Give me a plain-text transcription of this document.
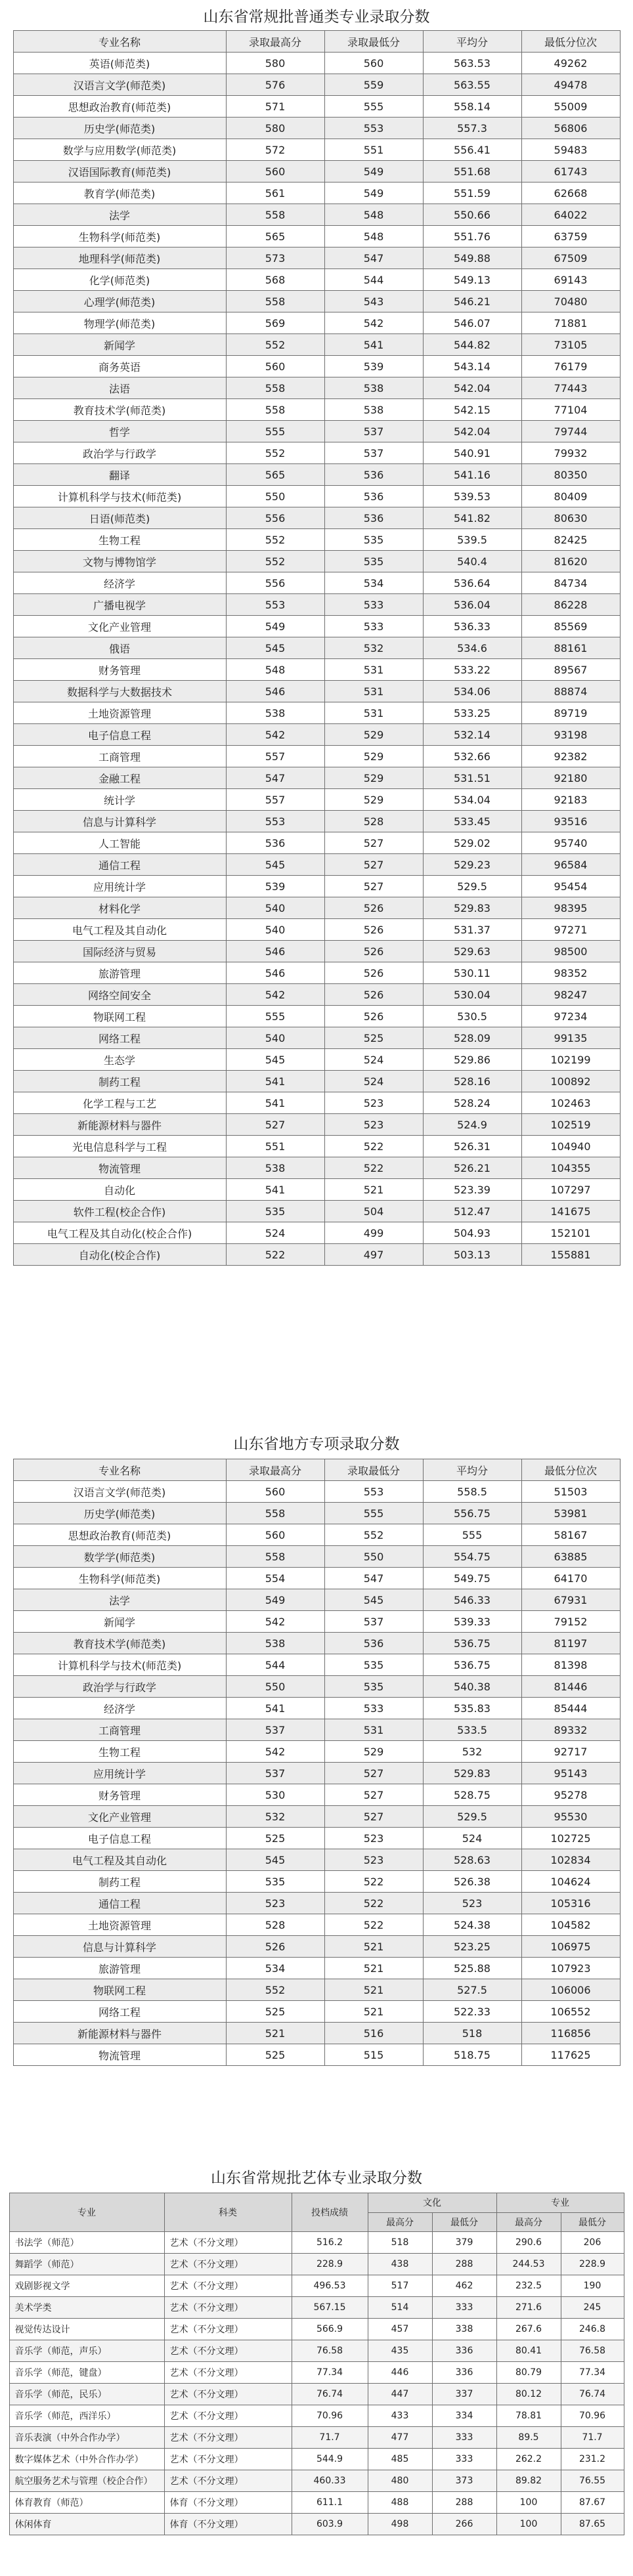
山东省常规批普通类专业录取分数
专业名称	录取最高分	录取最低分	平均分	最低分位次
英语(师范类)	580	560	563.53	49262
汉语言文学(师范类)	576	559	563.55	49478
思想政治教育(师范类)	571	555	558.14	55009
历史学(师范类)	580	553	557.3	56806
数学与应用数学(师范类)	572	551	556.41	59483
汉语国际教育(师范类)	560	549	551.68	61743
教育学(师范类)	561	549	551.59	62668
法学	558	548	550.66	64022
生物科学(师范类)	565	548	551.76	63759
地理科学(师范类)	573	547	549.88	67509
化学(师范类)	568	544	549.13	69143
心理学(师范类)	558	543	546.21	70480
物理学(师范类)	569	542	546.07	71881
新闻学	552	541	544.82	73105
商务英语	560	539	543.14	76179
法语	558	538	542.04	77443
教育技术学(师范类)	558	538	542.15	77104
哲学	555	537	542.04	79744
政治学与行政学	552	537	540.91	79932
翻译	565	536	541.16	80350
计算机科学与技术(师范类)	550	536	539.53	80409
日语(师范类)	556	536	541.82	80630
生物工程	552	535	539.5	82425
文物与博物馆学	552	535	540.4	81620
经济学	556	534	536.64	84734
广播电视学	553	533	536.04	86228
文化产业管理	549	533	536.33	85569
俄语	545	532	534.6	88161
财务管理	548	531	533.22	89567
数据科学与大数据技术	546	531	534.06	88874
土地资源管理	538	531	533.25	89719
电子信息工程	542	529	532.14	93198
工商管理	557	529	532.66	92382
金融工程	547	529	531.51	92180
统计学	557	529	534.04	92183
信息与计算科学	553	528	533.45	93516
人工智能	536	527	529.02	95740
通信工程	545	527	529.23	96584
应用统计学	539	527	529.5	95454
材料化学	540	526	529.83	98395
电气工程及其自动化	540	526	531.37	97271
国际经济与贸易	546	526	529.63	98500
旅游管理	546	526	530.11	98352
网络空间安全	542	526	530.04	98247
物联网工程	555	526	530.5	97234
网络工程	540	525	528.09	99135
生态学	545	524	529.86	102199
制药工程	541	524	528.16	100892
化学工程与工艺	541	523	528.24	102463
新能源材料与器件	527	523	524.9	102519
光电信息科学与工程	551	522	526.31	104940
物流管理	538	522	526.21	104355
自动化	541	521	523.39	107297
软件工程(校企合作)	535	504	512.47	141675
电气工程及其自动化(校企合作)	524	499	504.93	152101
自动化(校企合作)	522	497	503.13	155881
山东省地方专项录取分数
专业名称	录取最高分	录取最低分	平均分	最低分位次
汉语言文学(师范类)	560	553	558.5	51503
历史学(师范类)	558	555	556.75	53981
思想政治教育(师范类)	560	552	555	58167
数学学(师范类)	558	550	554.75	63885
生物科学(师范类)	554	547	549.75	64170
法学	549	545	546.33	67931
新闻学	542	537	539.33	79152
教育技术学(师范类)	538	536	536.75	81197
计算机科学与技术(师范类)	544	535	536.75	81398
政治学与行政学	550	535	540.38	81446
经济学	541	533	535.83	85444
工商管理	537	531	533.5	89332
生物工程	542	529	532	92717
应用统计学	537	527	529.83	95143
财务管理	530	527	528.75	95278
文化产业管理	532	527	529.5	95530
电子信息工程	525	523	524	102725
电气工程及其自动化	545	523	528.63	102834
制药工程	535	522	526.38	104624
通信工程	523	522	523	105316
土地资源管理	528	522	524.38	104582
信息与计算科学	526	521	523.25	106975
旅游管理	534	521	525.88	107923
物联网工程	552	521	527.5	106006
网络工程	525	521	522.33	106552
新能源材料与器件	521	516	518	116856
物流管理	525	515	518.75	117625
山东省常规批艺体专业录取分数
专业	科类	投档成绩	文化		专业	
			最高分	最低分	最高分	最低分
书法学（师范）	艺术（不分文理）	516.2	518	379	290.6	206
舞蹈学（师范）	艺术（不分文理）	228.9	438	288	244.53	228.9
戏剧影视文学	艺术（不分文理）	496.53	517	462	232.5	190
美术学类	艺术（不分文理）	567.15	514	333	271.6	245
视觉传达设计	艺术（不分文理）	566.9	457	338	267.6	246.8
音乐学（师范，声乐）	艺术（不分文理）	76.58	435	336	80.41	76.58
音乐学（师范，键盘）	艺术（不分文理）	77.34	446	336	80.79	77.34
音乐学（师范，民乐）	艺术（不分文理）	76.74	447	337	80.12	76.74
音乐学（师范，西洋乐）	艺术（不分文理）	70.96	433	334	78.81	70.96
音乐表演（中外合作办学）	艺术（不分文理）	71.7	477	333	89.5	71.7
数字媒体艺术（中外合作办学）	艺术（不分文理）	544.9	485	333	262.2	231.2
航空服务艺术与管理（校企合作）	艺术（不分文理）	460.33	480	373	89.82	76.55
体育教育（师范）	体育（不分文理）	611.1	488	288	100	87.67
休闲体育	体育（不分文理）	603.9	498	266	100	87.65
